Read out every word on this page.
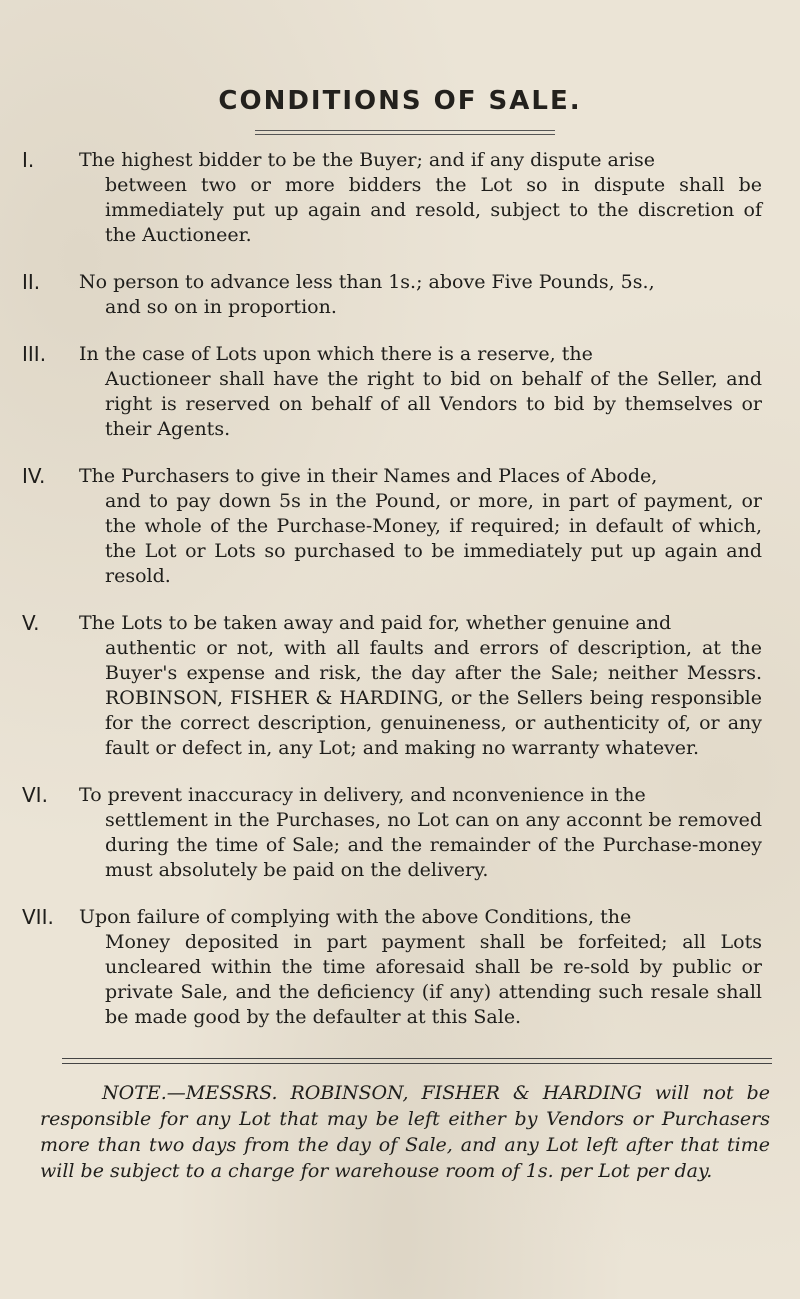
CONDITIONS OF SALE.
I.	The highest bidder to be the Buyer; and if any dispute arise
between two or more bidders the Lot so in dispute shall be immediately put up again and resold, subject to the discretion of the Auctioneer.
II.	No person to advance less than 1s.; above Five Pounds, 5s.,
and so on in proportion.
III.	In the case of Lots upon which there is a reserve, the
Auctioneer shall have the right to bid on behalf of the Seller, and right is reserved on behalf of all Vendors to bid by themselves or their Agents.
IV.	The Purchasers to give in their Names and Places of Abode,
and to pay down 5s in the Pound, or more, in part of payment, or the whole of the Purchase-Money, if required; in default of which, the Lot or Lots so purchased to be immediately put up again and resold.
V.	The Lots to be taken away and paid for, whether genuine and
authentic or not, with all faults and errors of description, at the Buyer's expense and risk, the day after the Sale; neither Messrs. ROBINSON, FISHER & HARDING, or the Sellers being responsible for the correct description, genuineness, or authenticity of, or any fault or defect in, any Lot; and making no warranty whatever.
VI.	To prevent inaccuracy in delivery, and nconvenience in the
settlement in the Purchases, no Lot can on any acconnt be removed during the time of Sale; and the remainder of the Purchase-money must absolutely be paid on the delivery.
VII.	Upon failure of complying with the above Conditions, the
Money deposited in part payment shall be forfeited; all Lots uncleared within the time aforesaid shall be re-sold by public or private Sale, and the deficiency (if any) attending such resale shall be made good by the defaulter at this Sale.
NOTE.—MESSRS. ROBINSON, FISHER & HARDING will not be responsible for any Lot that may be left either by Vendors or Purchasers more than two days from the day of Sale, and any Lot left after that time will be subject to a charge for warehouse room of 1s. per Lot per day.
